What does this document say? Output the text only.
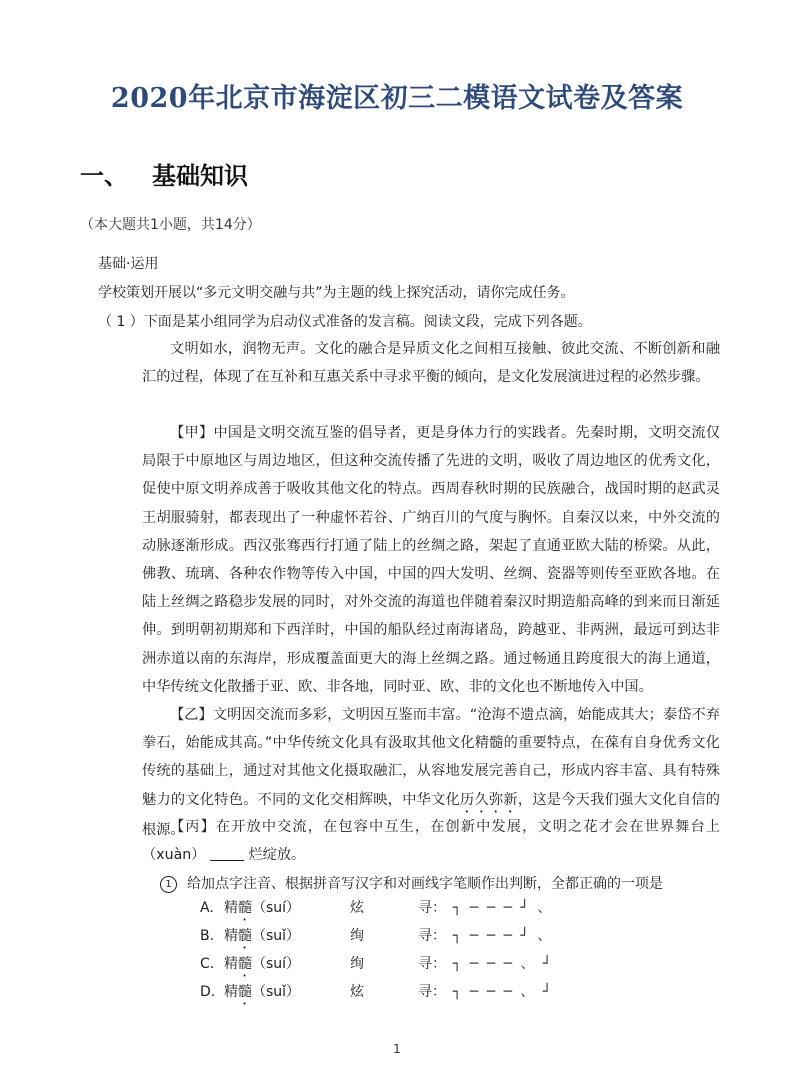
2020年北京市海淀区初三二模语文试卷及答案
一、 基础知识
（本大题共1小题，共14分）
基础·运用
学校策划开展以“多元文明交融与共”为主题的线上探究活动，请你完成任务。
（ 1 ）下面是某小组同学为启动仪式准备的发言稿。阅读文段，完成下列各题。
文明如水，润物无声。文化的融合是异质文化之间相互接触、彼此交流、不断创新和融汇的过程，体现了在互补和互惠关系中寻求平衡的倾向，是文化发展演进过程的必然步骤。
【甲】中国是文明交流互鉴的倡导者，更是身体力行的实践者。先秦时期，文明交流仅局限于中原地区与周边地区，但这种交流传播了先进的文明，吸收了周边地区的优秀文化，促使中原文明养成善于吸收其他文化的特点。西周春秋时期的民族融合，战国时期的赵武灵王胡服骑射，都表现出了一种虚怀若谷、广纳百川的气度与胸怀。自秦汉以来，中外交流的动脉逐渐形成。西汉张骞西行打通了陆上的丝绸之路，架起了直通亚欧大陆的桥梁。从此，佛教、琉璃、各种农作物等传入中国，中国的四大发明、丝绸、瓷器等则传至亚欧各地。在陆上丝绸之路稳步发展的同时，对外交流的海道也伴随着秦汉时期造船高峰的到来而日渐延伸。到明朝初期郑和下西洋时，中国的船队经过南海诸岛，跨越亚、非两洲，最远可到达非洲赤道以南的东海岸，形成覆盖面更大的海上丝绸之路。通过畅通且跨度很大的海上通道，中华传统文化散播于亚、欧、非各地，同时亚、欧、非的文化也不断地传入中国。
【乙】文明因交流而多彩，文明因互鉴而丰富。“沧海不遗点滴，始能成其大；泰岱不弃拳石，始能成其高。”中华传统文化具有汲取其他文化精髓的重要特点，在葆有自身优秀文化传统的基础上，通过对其他文化摄取融汇，从容地发展完善自己，形成内容丰富、具有特殊魅力的文化特色。不同的文化交相辉映，中华文化历久弥新，这是今天我们强大文化自信的根源。
【丙】在开放中交流，在包容中互生，在创新中发展，文明之花才会在世界舞台上（xuàn）	烂绽放。
1 给加点字注音、根据拼音写汉字和对画线字笔顺作出判断，全都正确的一项是
A. 精髓（suí）	炫	寻： ┐ ─ ─ ─ ┘ 、
B. 精髓（suǐ）	绚	寻： ┐ ─ ─ ─ ┘ 、
C. 精髓（suí）	绚	寻： ┐ ─ ─ ─ 、 ┘
D. 精髓（suǐ）	炫	寻： ┐ ─ ─ ─ 、 ┘
1
